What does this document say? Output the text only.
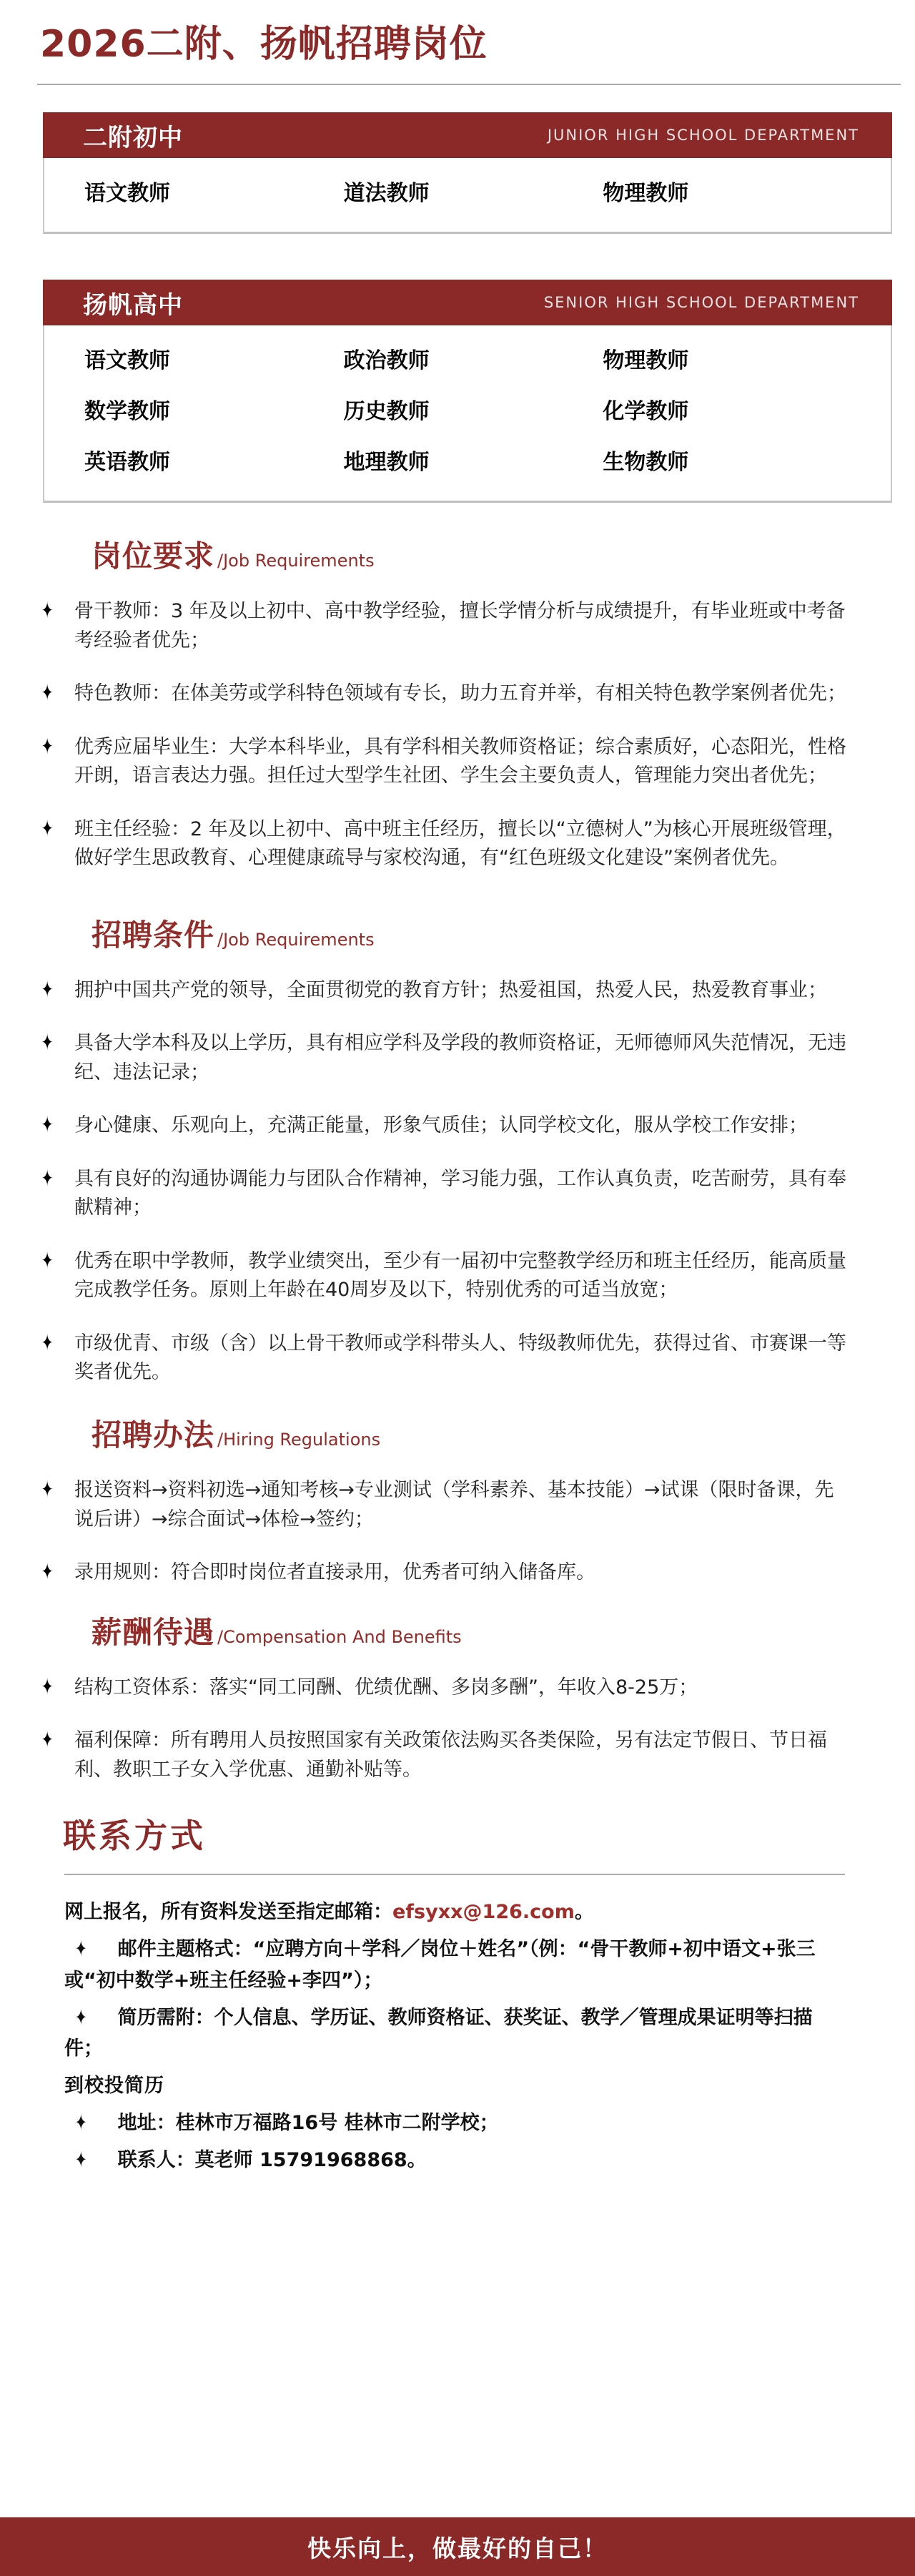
2026二附、扬帆招聘岗位
二附初中	JUNIOR HIGH SCHOOL DEPARTMENT
语文教师	道法教师	物理教师
扬帆高中	SENIOR HIGH SCHOOL DEPARTMENT
语文教师	政治教师	物理教师
数学教师	历史教师	化学教师
英语教师	地理教师	生物教师
岗位要求 /Job Requirements
✦	骨干教师：3 年及以上初中、高中教学经验，擅长学情分析与成绩提升，有毕业班或中考备考经验者优先；
✦	特色教师：在体美劳或学科特色领域有专长，助力五育并举，有相关特色教学案例者优先；
✦	优秀应届毕业生：大学本科毕业，具有学科相关教师资格证；综合素质好，心态阳光，性格开朗，语言表达力强。担任过大型学生社团、学生会主要负责人，管理能力突出者优先；
✦	班主任经验：2 年及以上初中、高中班主任经历，擅长以“立德树人”为核心开展班级管理，做好学生思政教育、心理健康疏导与家校沟通，有“红色班级文化建设”案例者优先。
招聘条件 /Job Requirements
✦	拥护中国共产党的领导，全面贯彻党的教育方针；热爱祖国，热爱人民，热爱教育事业；
✦	具备大学本科及以上学历，具有相应学科及学段的教师资格证，无师德师风失范情况，无违纪、违法记录；
✦	身心健康、乐观向上，充满正能量，形象气质佳；认同学校文化，服从学校工作安排；
✦	具有良好的沟通协调能力与团队合作精神，学习能力强，工作认真负责，吃苦耐劳，具有奉献精神；
✦	优秀在职中学教师，教学业绩突出，至少有一届初中完整教学经历和班主任经历，能高质量完成教学任务。原则上年龄在40周岁及以下，特别优秀的可适当放宽；
✦	市级优青、市级（含）以上骨干教师或学科带头人、特级教师优先，获得过省、市赛课一等奖者优先。
招聘办法 /Hiring Regulations
✦	报送资料→资料初选→通知考核→专业测试（学科素养、基本技能）→试课（限时备课，先说后讲）→综合面试→体检→签约；
✦	录用规则：符合即时岗位者直接录用，优秀者可纳入储备库。
薪酬待遇 /Compensation And Benefits
✦	结构工资体系：落实“同工同酬、优绩优酬、多岗多酬”，年收入8-25万；
✦	福利保障：所有聘用人员按照国家有关政策依法购买各类保险，另有法定节假日、节日福利、教职工子女入学优惠、通勤补贴等。
联系方式

网上报名，所有资料发送至指定邮箱：efsyxx@126.com。

✦ 邮件主题格式：“应聘方向＋学科／岗位＋姓名”（例：“骨干教师+初中语文+张三或“初中数学+班主任经验+李四”）；

✦ 简历需附：个人信息、学历证、教师资格证、获奖证、教学／管理成果证明等扫描件；

到校投简历

✦ 地址：桂林市万福路16号 桂林市二附学校；

✦ 联系人：莫老师 15791968868。

快乐向上，做最好的自己！
